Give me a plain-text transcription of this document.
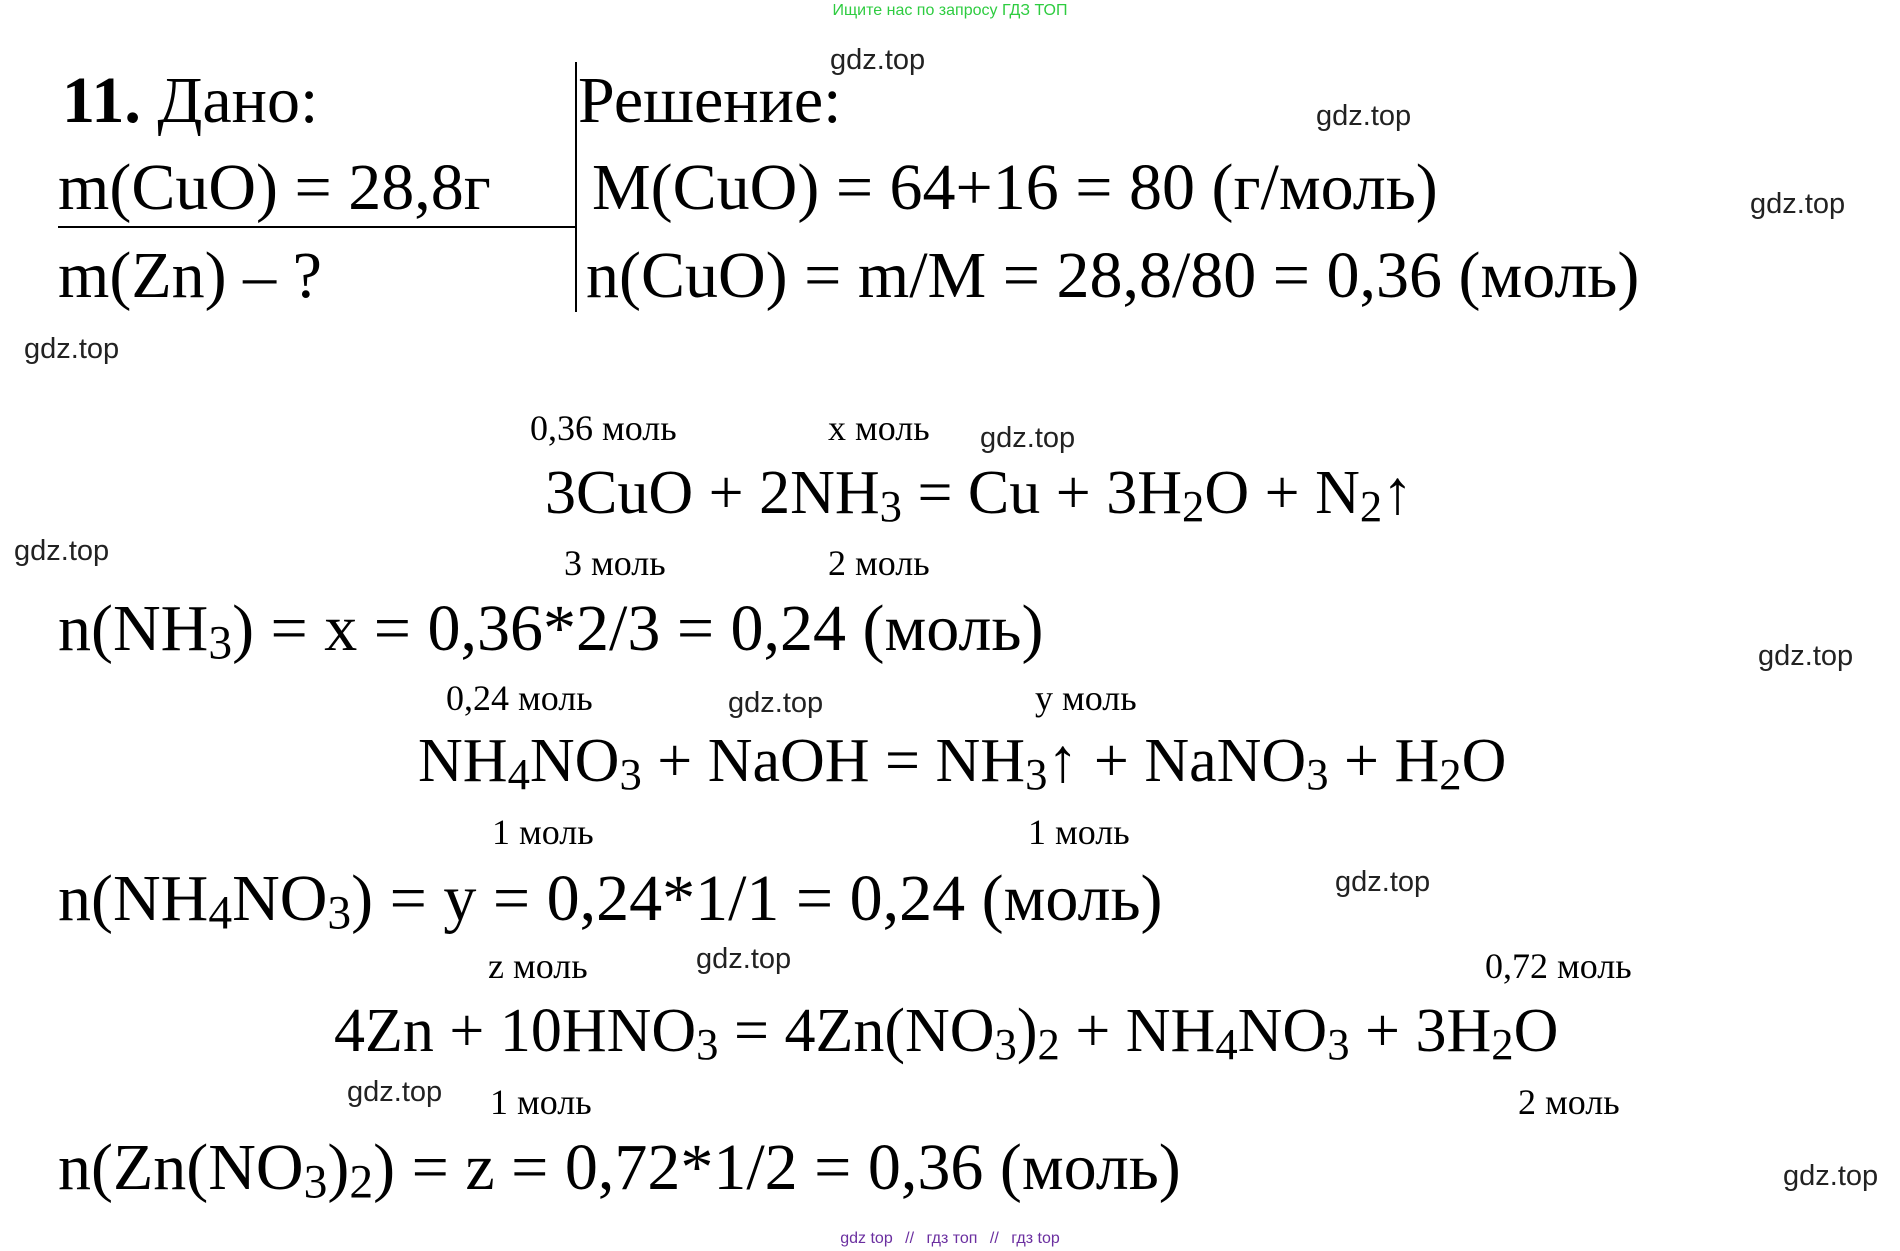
Ищите нас по запросу ГДЗ ТОП
gdz.top
gdz.top
gdz.top
gdz.top
gdz.top
gdz.top
gdz.top
gdz.top
gdz.top
gdz.top
gdz.top
gdz.top
11. Дано:
m(CuO) = 28,8г
m(Zn) – ?
Решение:
M(CuO) = 64+16 = 80 (г/моль)
n(CuO) = m/M = 28,8/80 = 0,36 (моль)
0,36 моль	x моль
$3CuO + 2NH_3 = Cu + 3H_2O$ + $N_2↑$
3 моль	2 моль
$n(NH_3) = x = 0,36*2/3 = 0,24$ (моль)
0,24 моль	y моль
$NH_4NO_3$ + NaOH = $NH_3↑$ + NaNO$_3$ + $H_2O$
1 моль	1 моль
$n(NH_4NO_3) = y = 0,24*1/1 = 0,24$ (моль)
z моль	0,72 моль
$4Zn + 10HNO_3 = 4Zn(NO_3)_2 + NH_4NO_3 + 3H_2O$
1 моль	2 моль
$n(Zn(NO_3)_2) = z = 0,72*1/2 = 0,36$ (моль)
gdz top // гдз топ // гдз top
